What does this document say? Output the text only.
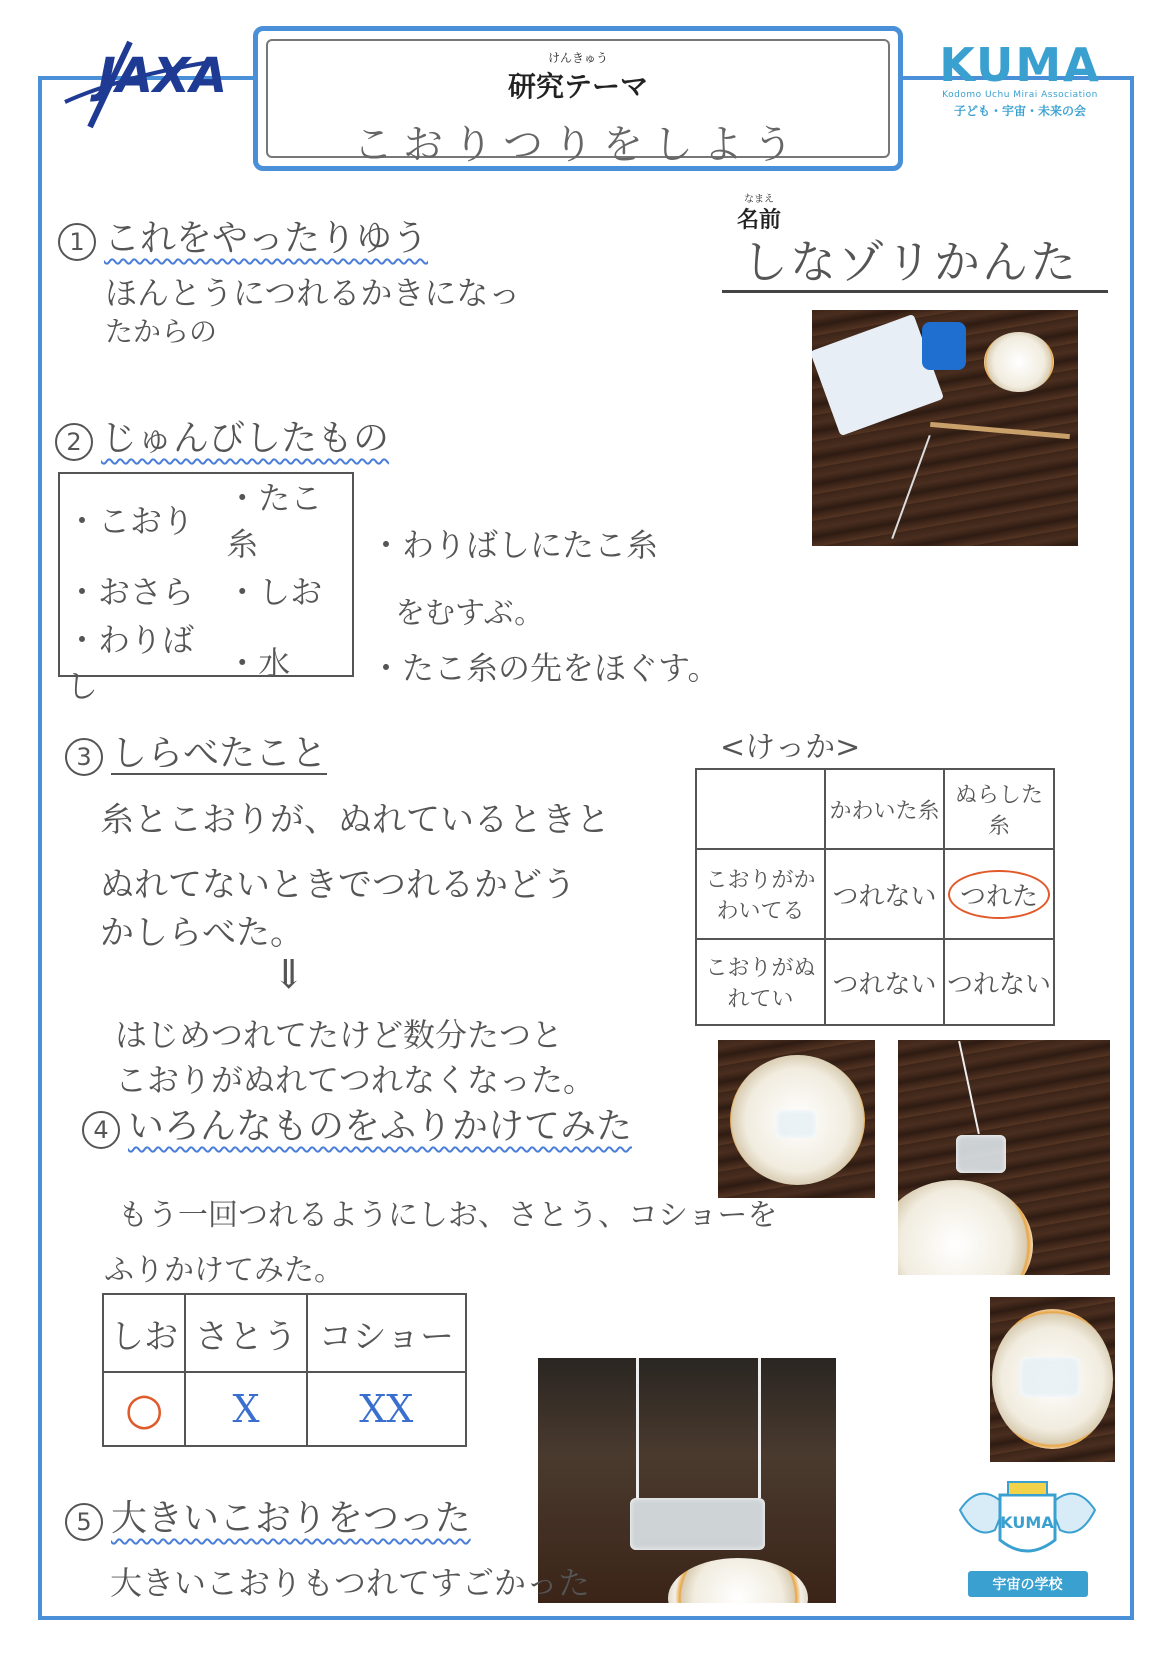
JAXA	けんきゅう
研究テーマ
こおりつりをしよう
KUMA
Kodomo Uchu Mirai Association
子ども・宇宙・未来の会
なまえ
名前
しなゾリかんた
1 これをやったりゆう
ほんとうにつれるかきになっ
たからの
2 じゅんびしたもの
・こおり	・たこ糸
・おさら	・しお
・わりばし	・水
・わりばしにたこ糸
をむすぶ。
・たこ糸の先をほぐす。
3 しらべたこと
糸とこおりが、ぬれているときと
ぬれてないときでつれるかどう
かしらべた。
⇓
はじめつれてたけど数分たつと
こおりがぬれてつれなくなった。
<けっか>
	かわいた糸	ぬらした糸
こおりがかわいてる	つれない	つれた
こおりがぬれてい	つれない	つれない
4 いろんなものをふりかけてみた
もう一回つれるようにしお、さとう、コショーを
ふりかけてみた。
しお	さとう	コショー
○	X	XX
5 大きいこおりをつった
大きいこおりもつれてすごかった
KUMA
宇宙の学校
